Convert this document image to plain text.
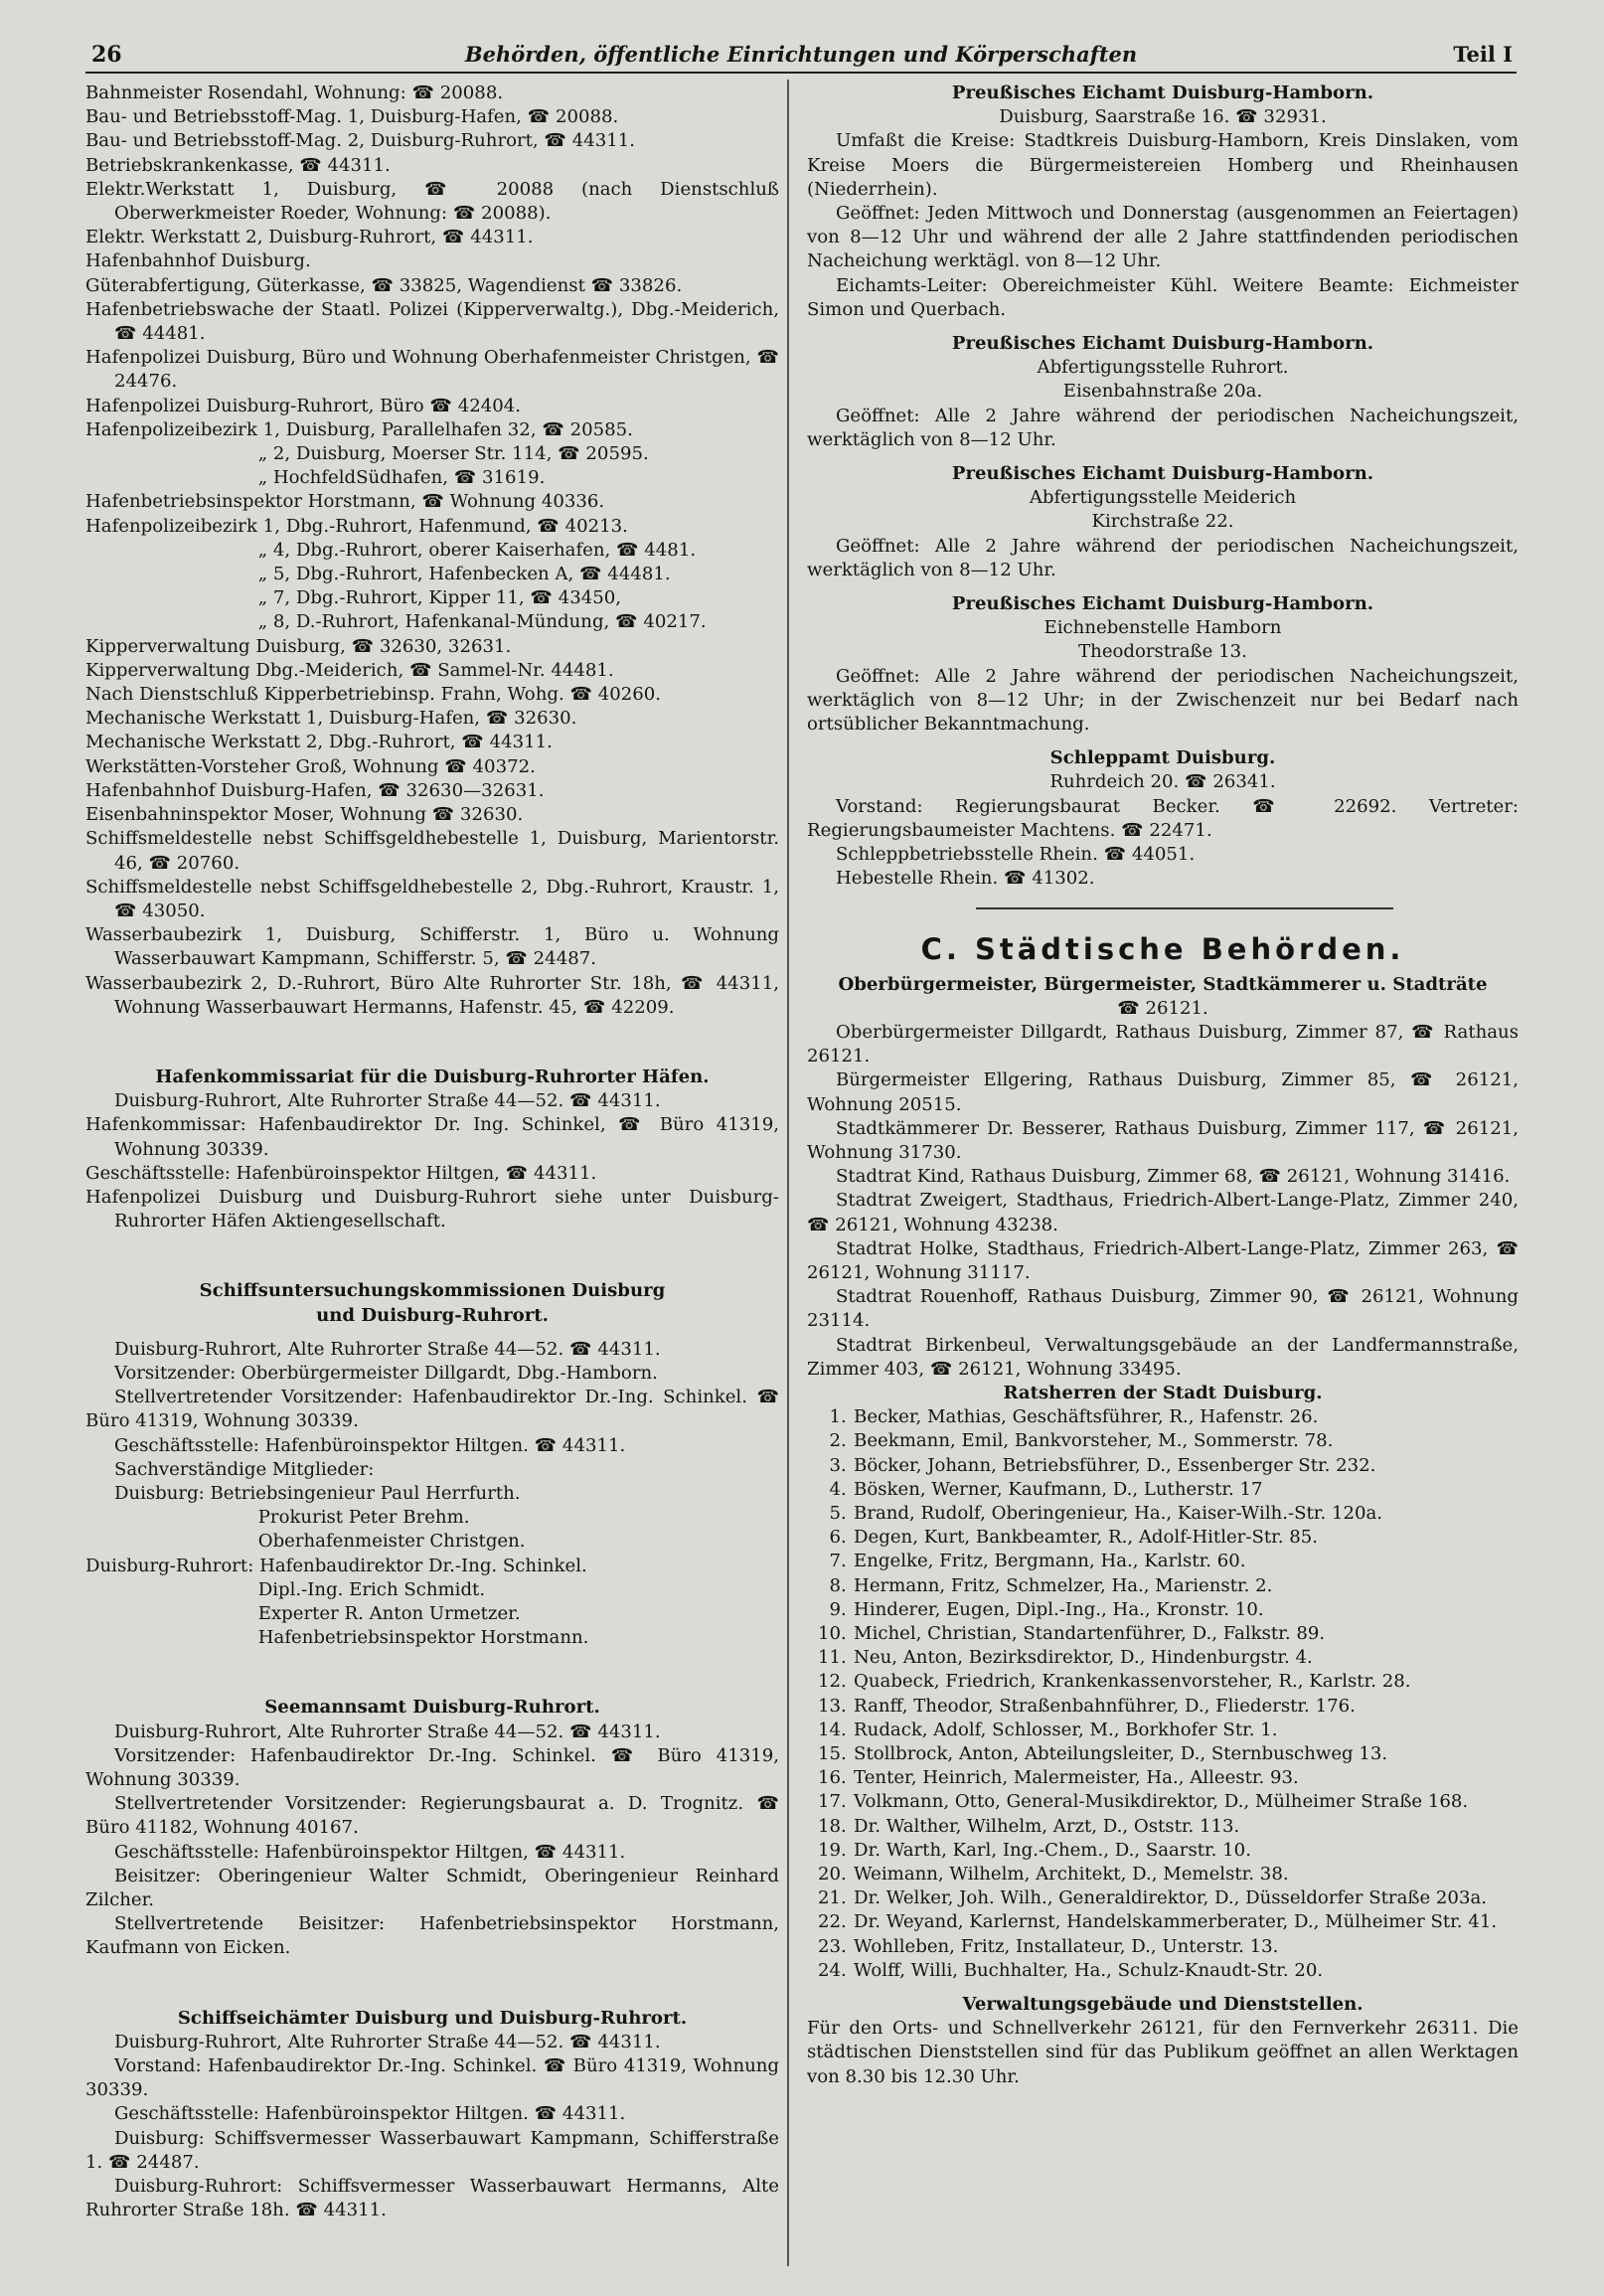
26	Behörden, öffentliche Einrichtungen und Körperschaften	Teil I

Bahnmeister Rosendahl, Wohnung: ☎ 20088.

Bau- und Betriebsstoff-Mag. 1, Duisburg-Hafen, ☎ 20088.

Bau- und Betriebsstoff-Mag. 2, Duisburg-Ruhrort, ☎ 44311.

Betriebskrankenkasse, ☎ 44311.

Elektr.Werkstatt 1, Duisburg, ☎ 20088 (nach Dienstschluß Oberwerkmeister Roeder, Wohnung: ☎ 20088).

Elektr. Werkstatt 2, Duisburg-Ruhrort, ☎ 44311.

Hafenbahnhof Duisburg.

Güterabfertigung, Güterkasse, ☎ 33825, Wagendienst ☎ 33826.

Hafenbetriebswache der Staatl. Polizei (Kipperverwaltg.), Dbg.-Meiderich, ☎ 44481.

Hafenpolizei Duisburg, Büro und Wohnung Oberhafenmeister Christgen, ☎ 24476.

Hafenpolizei Duisburg-Ruhrort, Büro ☎ 42404.

Hafenpolizeibezirk 1, Duisburg, Parallelhafen 32, ☎ 20585.

„ 2, Duisburg, Moerser Str. 114, ☎ 20595.

„ HochfeldSüdhafen, ☎ 31619.

Hafenbetriebsinspektor Horstmann, ☎ Wohnung 40336.

Hafenpolizeibezirk 1, Dbg.-Ruhrort, Hafenmund, ☎ 40213.

„ 4, Dbg.-Ruhrort, oberer Kaiserhafen, ☎ 4481.

„ 5, Dbg.-Ruhrort, Hafenbecken A, ☎ 44481.

„ 7, Dbg.-Ruhrort, Kipper 11, ☎ 43450,

„ 8, D.-Ruhrort, Hafenkanal-Mündung, ☎ 40217.

Kipperverwaltung Duisburg, ☎ 32630, 32631.

Kipperverwaltung Dbg.-Meiderich, ☎ Sammel-Nr. 44481.

Nach Dienstschluß Kipperbetriebinsp. Frahn, Wohg. ☎ 40260.

Mechanische Werkstatt 1, Duisburg-Hafen, ☎ 32630.

Mechanische Werkstatt 2, Dbg.-Ruhrort, ☎ 44311.

Werkstätten-Vorsteher Groß, Wohnung ☎ 40372.

Hafenbahnhof Duisburg-Hafen, ☎ 32630—32631.

Eisenbahninspektor Moser, Wohnung ☎ 32630.

Schiffsmeldestelle nebst Schiffsgeldhebestelle 1, Duisburg, Marientorstr. 46, ☎ 20760.

Schiffsmeldestelle nebst Schiffsgeldhebestelle 2, Dbg.-Ruhrort, Kraustr. 1, ☎ 43050.

Wasserbaubezirk 1, Duisburg, Schifferstr. 1, Büro u. Wohnung Wasserbauwart Kampmann, Schifferstr. 5, ☎ 24487.

Wasserbaubezirk 2, D.-Ruhrort, Büro Alte Ruhrorter Str. 18h, ☎ 44311, Wohnung Wasserbauwart Hermanns, Hafenstr. 45, ☎ 42209.

Hafenkommissariat für die Duisburg-Ruhrorter Häfen.

Duisburg-Ruhrort, Alte Ruhrorter Straße 44—52. ☎ 44311.

Hafenkommissar: Hafenbaudirektor Dr. Ing. Schinkel, ☎ Büro 41319, Wohnung 30339.

Geschäftsstelle: Hafenbüroinspektor Hiltgen, ☎ 44311.

Hafenpolizei Duisburg und Duisburg-Ruhrort siehe unter Duisburg-Ruhrorter Häfen Aktiengesellschaft.

Schiffsuntersuchungskommissionen Duisburg

und Duisburg-Ruhrort.

Duisburg-Ruhrort, Alte Ruhrorter Straße 44—52. ☎ 44311.

Vorsitzender: Oberbürgermeister Dillgardt, Dbg.-Hamborn.

Stellvertretender Vorsitzender: Hafenbaudirektor Dr.-Ing. Schinkel. ☎ Büro 41319, Wohnung 30339.

Geschäftsstelle: Hafenbüroinspektor Hiltgen. ☎ 44311.

Sachverständige Mitglieder:

Duisburg: Betriebsingenieur Paul Herrfurth.

Prokurist Peter Brehm.

Oberhafenmeister Christgen.

Duisburg-Ruhrort: Hafenbaudirektor Dr.-Ing. Schinkel.

Dipl.-Ing. Erich Schmidt.

Experter R. Anton Urmetzer.

Hafenbetriebsinspektor Horstmann.

Seemannsamt Duisburg-Ruhrort.

Duisburg-Ruhrort, Alte Ruhrorter Straße 44—52. ☎ 44311.

Vorsitzender: Hafenbaudirektor Dr.-Ing. Schinkel. ☎ Büro 41319, Wohnung 30339.

Stellvertretender Vorsitzender: Regierungsbaurat a. D. Trognitz. ☎ Büro 41182, Wohnung 40167.

Geschäftsstelle: Hafenbüroinspektor Hiltgen, ☎ 44311.

Beisitzer: Oberingenieur Walter Schmidt, Oberingenieur Reinhard Zilcher.

Stellvertretende Beisitzer: Hafenbetriebsinspektor Horstmann, Kaufmann von Eicken.

Schiffseichämter Duisburg und Duisburg-Ruhrort.

Duisburg-Ruhrort, Alte Ruhrorter Straße 44—52. ☎ 44311.

Vorstand: Hafenbaudirektor Dr.-Ing. Schinkel. ☎ Büro 41319, Wohnung 30339.

Geschäftsstelle: Hafenbüroinspektor Hiltgen. ☎ 44311.

Duisburg: Schiffsvermesser Wasserbauwart Kampmann, Schifferstraße 1. ☎ 24487.

Duisburg-Ruhrort: Schiffsvermesser Wasserbauwart Hermanns, Alte Ruhrorter Straße 18h. ☎ 44311.

Preußisches Eichamt Duisburg-Hamborn.

Duisburg, Saarstraße 16. ☎ 32931.

Umfaßt die Kreise: Stadtkreis Duisburg-Hamborn, Kreis Dinslaken, vom Kreise Moers die Bürgermeistereien Homberg und Rheinhausen (Niederrhein).

Geöffnet: Jeden Mittwoch und Donnerstag (ausgenommen an Feiertagen) von 8—12 Uhr und während der alle 2 Jahre stattfindenden periodischen Nacheichung werktägl. von 8—12 Uhr.

Eichamts-Leiter: Obereichmeister Kühl. Weitere Beamte: Eichmeister Simon und Querbach.

Preußisches Eichamt Duisburg-Hamborn.

Abfertigungsstelle Ruhrort.

Eisenbahnstraße 20a.

Geöffnet: Alle 2 Jahre während der periodischen Nacheichungszeit, werktäglich von 8—12 Uhr.

Preußisches Eichamt Duisburg-Hamborn.

Abfertigungsstelle Meiderich

Kirchstraße 22.

Geöffnet: Alle 2 Jahre während der periodischen Nacheichungszeit, werktäglich von 8—12 Uhr.

Preußisches Eichamt Duisburg-Hamborn.

Eichnebenstelle Hamborn

Theodorstraße 13.

Geöffnet: Alle 2 Jahre während der periodischen Nacheichungszeit, werktäglich von 8—12 Uhr; in der Zwischenzeit nur bei Bedarf nach ortsüblicher Bekanntmachung.

Schleppamt Duisburg.

Ruhrdeich 20. ☎ 26341.

Vorstand: Regierungsbaurat Becker. ☎ 22692. Vertreter: Regierungsbaumeister Machtens. ☎ 22471.

Schleppbetriebsstelle Rhein. ☎ 44051.

Hebestelle Rhein. ☎ 41302.

C. Städtische Behörden.

Oberbürgermeister, Bürgermeister, Stadtkämmerer u. Stadträte

☎ 26121.

Oberbürgermeister Dillgardt, Rathaus Duisburg, Zimmer 87, ☎ Rathaus 26121.

Bürgermeister Ellgering, Rathaus Duisburg, Zimmer 85, ☎ 26121, Wohnung 20515.

Stadtkämmerer Dr. Besserer, Rathaus Duisburg, Zimmer 117, ☎ 26121, Wohnung 31730.

Stadtrat Kind, Rathaus Duisburg, Zimmer 68, ☎ 26121, Wohnung 31416.

Stadtrat Zweigert, Stadthaus, Friedrich-Albert-Lange-Platz, Zimmer 240, ☎ 26121, Wohnung 43238.

Stadtrat Holke, Stadthaus, Friedrich-Albert-Lange-Platz, Zimmer 263, ☎ 26121, Wohnung 31117.

Stadtrat Rouenhoff, Rathaus Duisburg, Zimmer 90, ☎ 26121, Wohnung 23114.

Stadtrat Birkenbeul, Verwaltungsgebäude an der Landfermannstraße, Zimmer 403, ☎ 26121, Wohnung 33495.

Ratsherren der Stadt Duisburg.

1. Becker, Mathias, Geschäftsführer, R., Hafenstr. 26.

2. Beekmann, Emil, Bankvorsteher, M., Sommerstr. 78.

3. Böcker, Johann, Betriebsführer, D., Essenberger Str. 232.

4. Bösken, Werner, Kaufmann, D., Lutherstr. 17

5. Brand, Rudolf, Oberingenieur, Ha., Kaiser-Wilh.-Str. 120a.

6. Degen, Kurt, Bankbeamter, R., Adolf-Hitler-Str. 85.

7. Engelke, Fritz, Bergmann, Ha., Karlstr. 60.

8. Hermann, Fritz, Schmelzer, Ha., Marienstr. 2.

9. Hinderer, Eugen, Dipl.-Ing., Ha., Kronstr. 10.

10. Michel, Christian, Standartenführer, D., Falkstr. 89.

11. Neu, Anton, Bezirksdirektor, D., Hindenburgstr. 4.

12. Quabeck, Friedrich, Krankenkassenvorsteher, R., Karlstr. 28.

13. Ranff, Theodor, Straßenbahnführer, D., Fliederstr. 176.

14. Rudack, Adolf, Schlosser, M., Borkhofer Str. 1.

15. Stollbrock, Anton, Abteilungsleiter, D., Sternbuschweg 13.

16. Tenter, Heinrich, Malermeister, Ha., Alleestr. 93.

17. Volkmann, Otto, General-Musikdirektor, D., Mülheimer Straße 168.

18. Dr. Walther, Wilhelm, Arzt, D., Oststr. 113.

19. Dr. Warth, Karl, Ing.-Chem., D., Saarstr. 10.

20. Weimann, Wilhelm, Architekt, D., Memelstr. 38.

21. Dr. Welker, Joh. Wilh., Generaldirektor, D., Düsseldorfer Straße 203a.

22. Dr. Weyand, Karlernst, Handelskammerberater, D., Mülheimer Str. 41.

23. Wohlleben, Fritz, Installateur, D., Unterstr. 13.

24. Wolff, Willi, Buchhalter, Ha., Schulz-Knaudt-Str. 20.

Verwaltungsgebäude und Dienststellen.

Für den Orts- und Schnellverkehr 26121, für den Fernverkehr 26311. Die städtischen Dienststellen sind für das Publikum geöffnet an allen Werktagen von 8.30 bis 12.30 Uhr.
